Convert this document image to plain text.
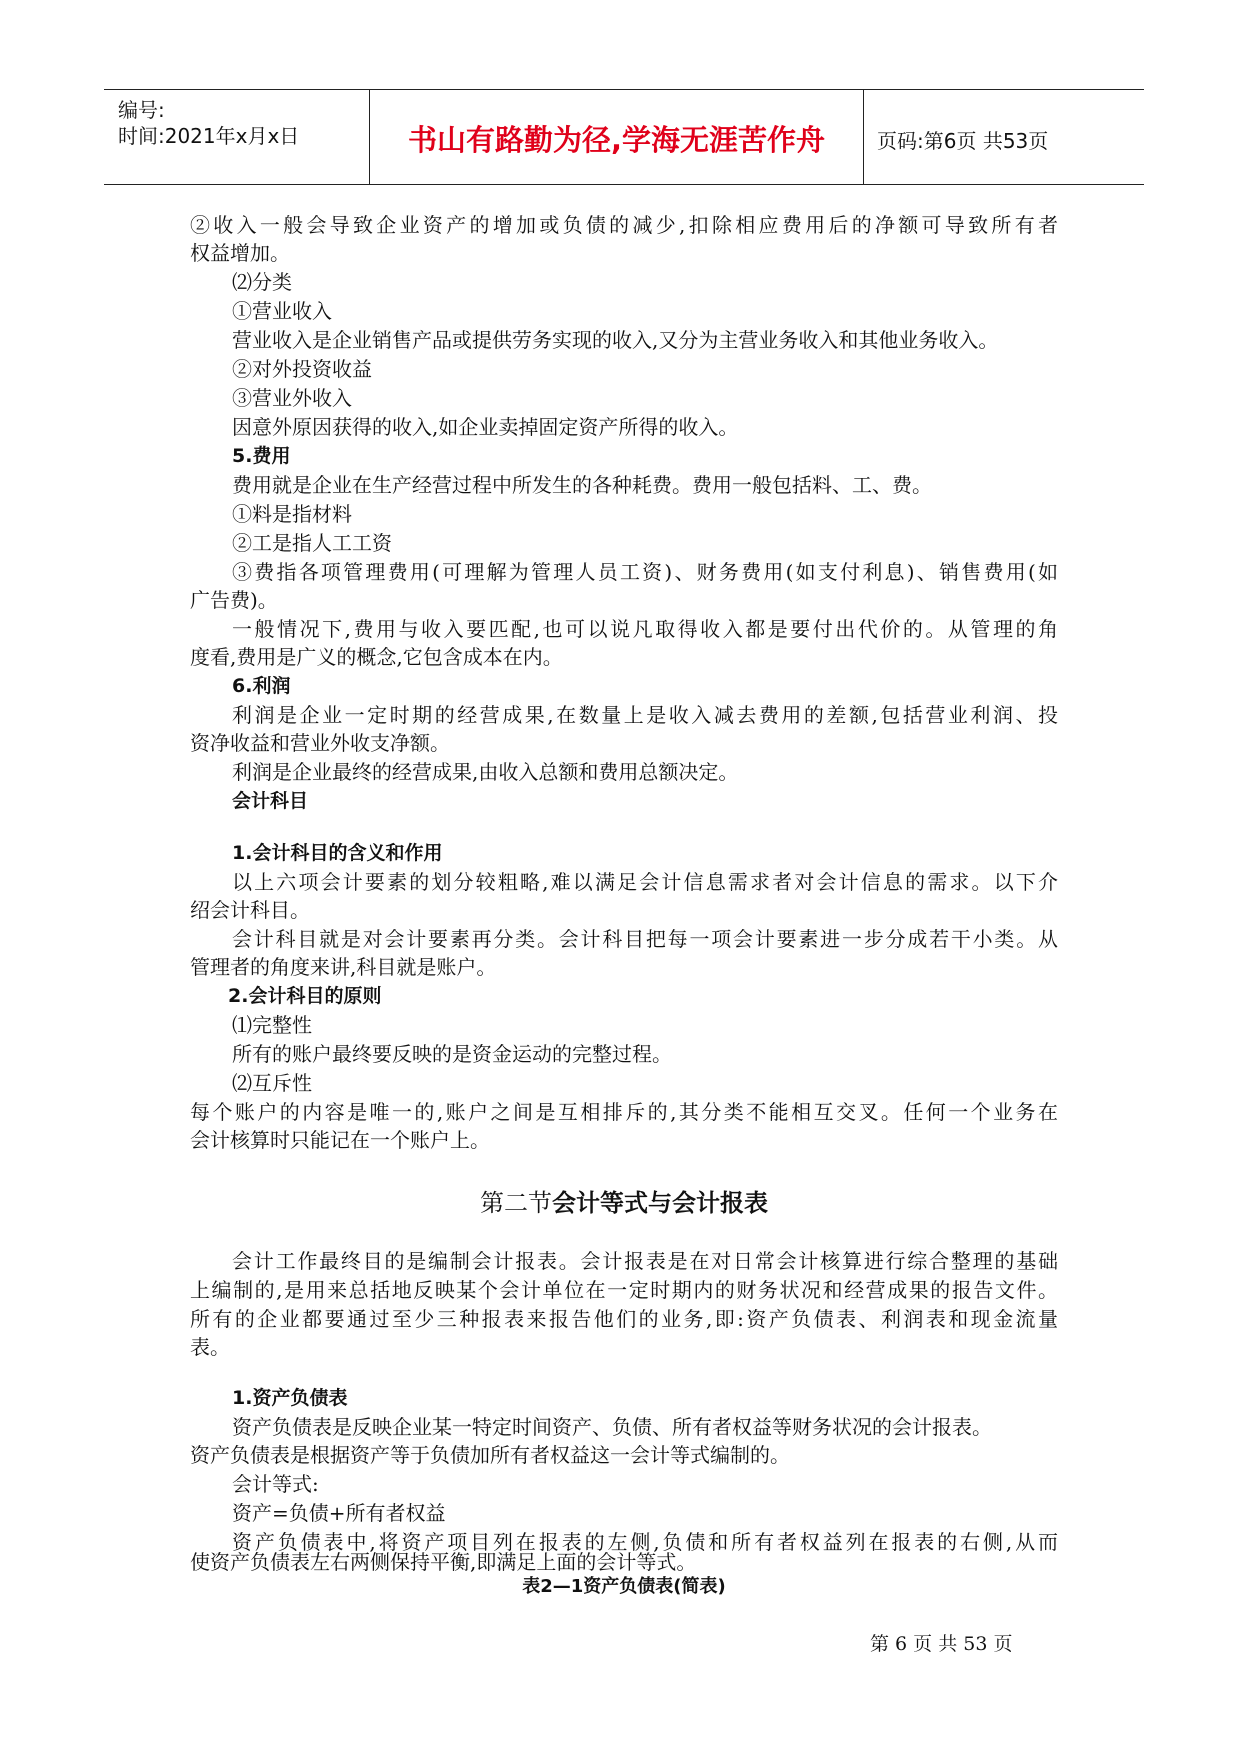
编号:
时间:2021年x月x日	书山有路勤为径,学海无涯苦作舟	页码:第6页 共53页
②收入一般会导致企业资产的增加或负债的减少,扣除相应费用后的净额可导致所有者
权益增加。
⑵分类
①营业收入
营业收入是企业销售产品或提供劳务实现的收入,又分为主营业务收入和其他业务收入。
②对外投资收益
③营业外收入
因意外原因获得的收入,如企业卖掉固定资产所得的收入。
5.费用
费用就是企业在生产经营过程中所发生的各种耗费。费用一般包括料、工、费。
①料是指材料
②工是指人工工资
③费指各项管理费用(可理解为管理人员工资)、财务费用(如支付利息)、销售费用(如
广告费)。
一般情况下,费用与收入要匹配,也可以说凡取得收入都是要付出代价的。从管理的角
度看,费用是广义的概念,它包含成本在内。
6.利润
利润是企业一定时期的经营成果,在数量上是收入减去费用的差额,包括营业利润、投
资净收益和营业外收支净额。
利润是企业最终的经营成果,由收入总额和费用总额决定。
会计科目
1.会计科目的含义和作用
以上六项会计要素的划分较粗略,难以满足会计信息需求者对会计信息的需求。以下介
绍会计科目。
会计科目就是对会计要素再分类。会计科目把每一项会计要素进一步分成若干小类。从
管理者的角度来讲,科目就是账户。
2.会计科目的原则
⑴完整性
所有的账户最终要反映的是资金运动的完整过程。
⑵互斥性
每个账户的内容是唯一的,账户之间是互相排斥的,其分类不能相互交叉。任何一个业务在
会计核算时只能记在一个账户上。
第二节会计等式与会计报表
会计工作最终目的是编制会计报表。会计报表是在对日常会计核算进行综合整理的基础
上编制的,是用来总括地反映某个会计单位在一定时期内的财务状况和经营成果的报告文件。
所有的企业都要通过至少三种报表来报告他们的业务,即:资产负债表、利润表和现金流量
表。
1.资产负债表
资产负债表是反映企业某一特定时间资产、负债、所有者权益等财务状况的会计报表。
资产负债表是根据资产等于负债加所有者权益这一会计等式编制的。
会计等式:
资产=负债+所有者权益
资产负债表中,将资产项目列在报表的左侧,负债和所有者权益列在报表的右侧,从而
使资产负债表左右两侧保持平衡,即满足上面的会计等式。
表2—1资产负债表(简表)
第 6 页 共 53 页
